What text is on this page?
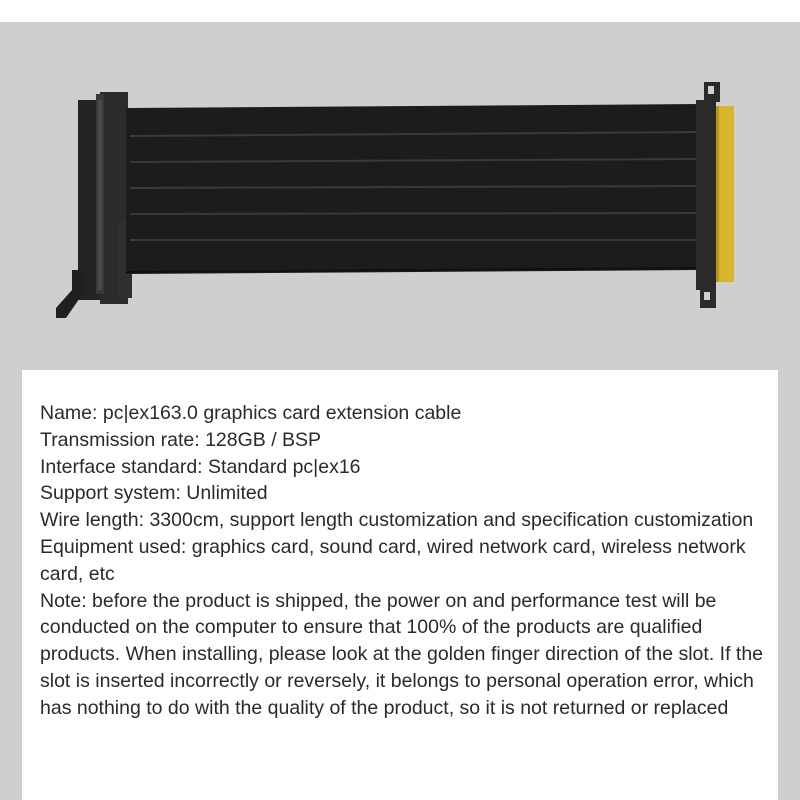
Name: pc|ex163.0 graphics card extension cable
Transmission rate: 128GB / BSP
Interface standard: Standard pc|ex16
Support system: Unlimited
Wire length: 3300cm, support length customization and specification customization
Equipment used: graphics card, sound card, wired network card, wireless network card, etc
Note: before the product is shipped, the power on and performance test will be conducted on the computer to ensure that 100% of the products are qualified products. When installing, please look at the golden finger direction of the slot. If the slot is inserted incorrectly or reversely, it belongs to personal operation error, which has nothing to do with the quality of the product, so it is not returned or replaced
